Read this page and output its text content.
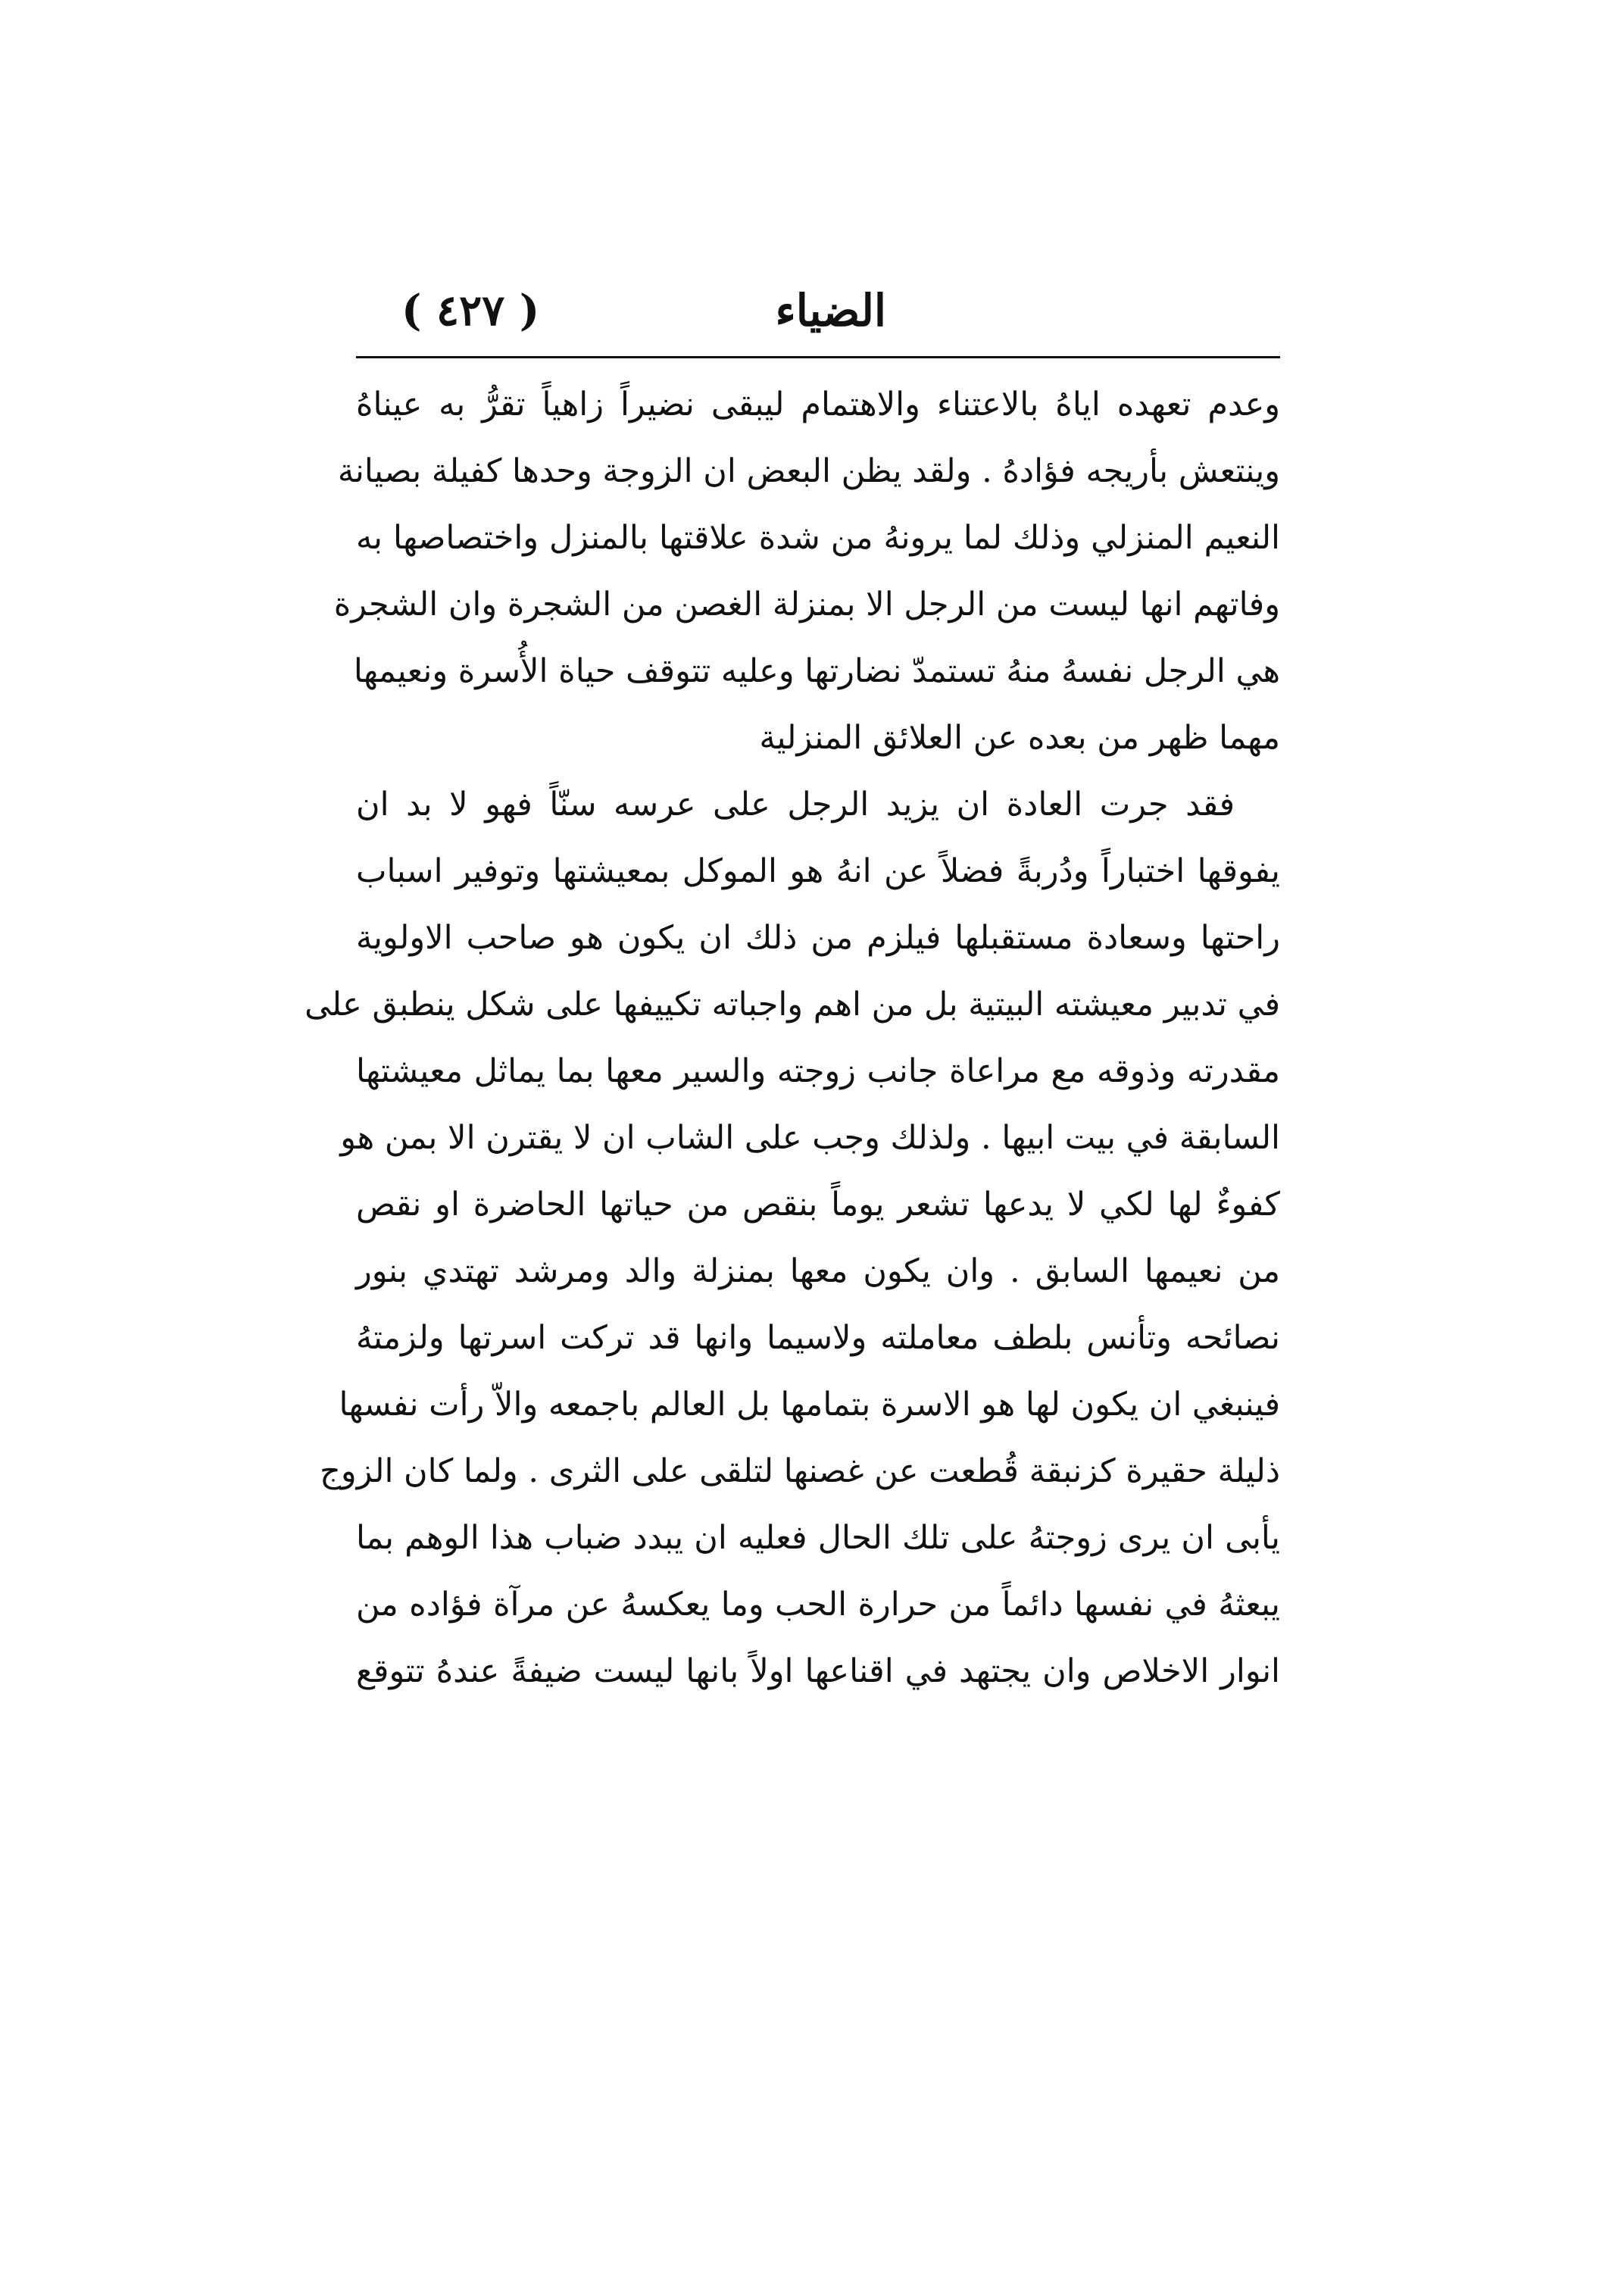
الضياء
( ٤٢٧ )
وعدم تعهده اياهُ بالاعتناء والاهتمام ليبقى نضيراً زاهياً تقرُّ به عيناهُ
وينتعش بأريجه فؤادهُ . ولقد يظن البعض ان الزوجة وحدها كفيلة بصيانة
النعيم المنزلي وذلك لما يرونهُ من شدة علاقتها بالمنزل واختصاصها به
وفاتهم انها ليست من الرجل الا بمنزلة الغصن من الشجرة وان الشجرة
هي الرجل نفسهُ منهُ تستمدّ نضارتها وعليه تتوقف حياة الأُسرة ونعيمها
مهما ظهر من بعده عن العلائق المنزلية
فقد جرت العادة ان يزيد الرجل على عرسه سنّاً فهو لا بد ان
يفوقها اختباراً ودُربةً فضلاً عن انهُ هو الموكل بمعيشتها وتوفير اسباب
راحتها وسعادة مستقبلها فيلزم من ذلك ان يكون هو صاحب الاولوية
في تدبير معيشته البيتية بل من اهم واجباته تكييفها على شكل ينطبق على
مقدرته وذوقه مع مراعاة جانب زوجته والسير معها بما يماثل معيشتها
السابقة في بيت ابيها . ولذلك وجب على الشاب ان لا يقترن الا بمن هو
كفوءٌ لها لكي لا يدعها تشعر يوماً بنقص من حياتها الحاضرة او نقص
من نعيمها السابق . وان يكون معها بمنزلة والد ومرشد تهتدي بنور
نصائحه وتأنس بلطف معاملته ولاسيما وانها قد تركت اسرتها ولزمتهُ
فينبغي ان يكون لها هو الاسرة بتمامها بل العالم باجمعه والاّ رأت نفسها
ذليلة حقيرة كزنبقة قُطعت عن غصنها لتلقى على الثرى . ولما كان الزوج
يأبى ان يرى زوجتهُ على تلك الحال فعليه ان يبدد ضباب هذا الوهم بما
يبعثهُ في نفسها دائماً من حرارة الحب وما يعكسهُ عن مرآة فؤاده من
انوار الاخلاص وان يجتهد في اقناعها اولاً بانها ليست ضيفةً عندهُ تتوقع
